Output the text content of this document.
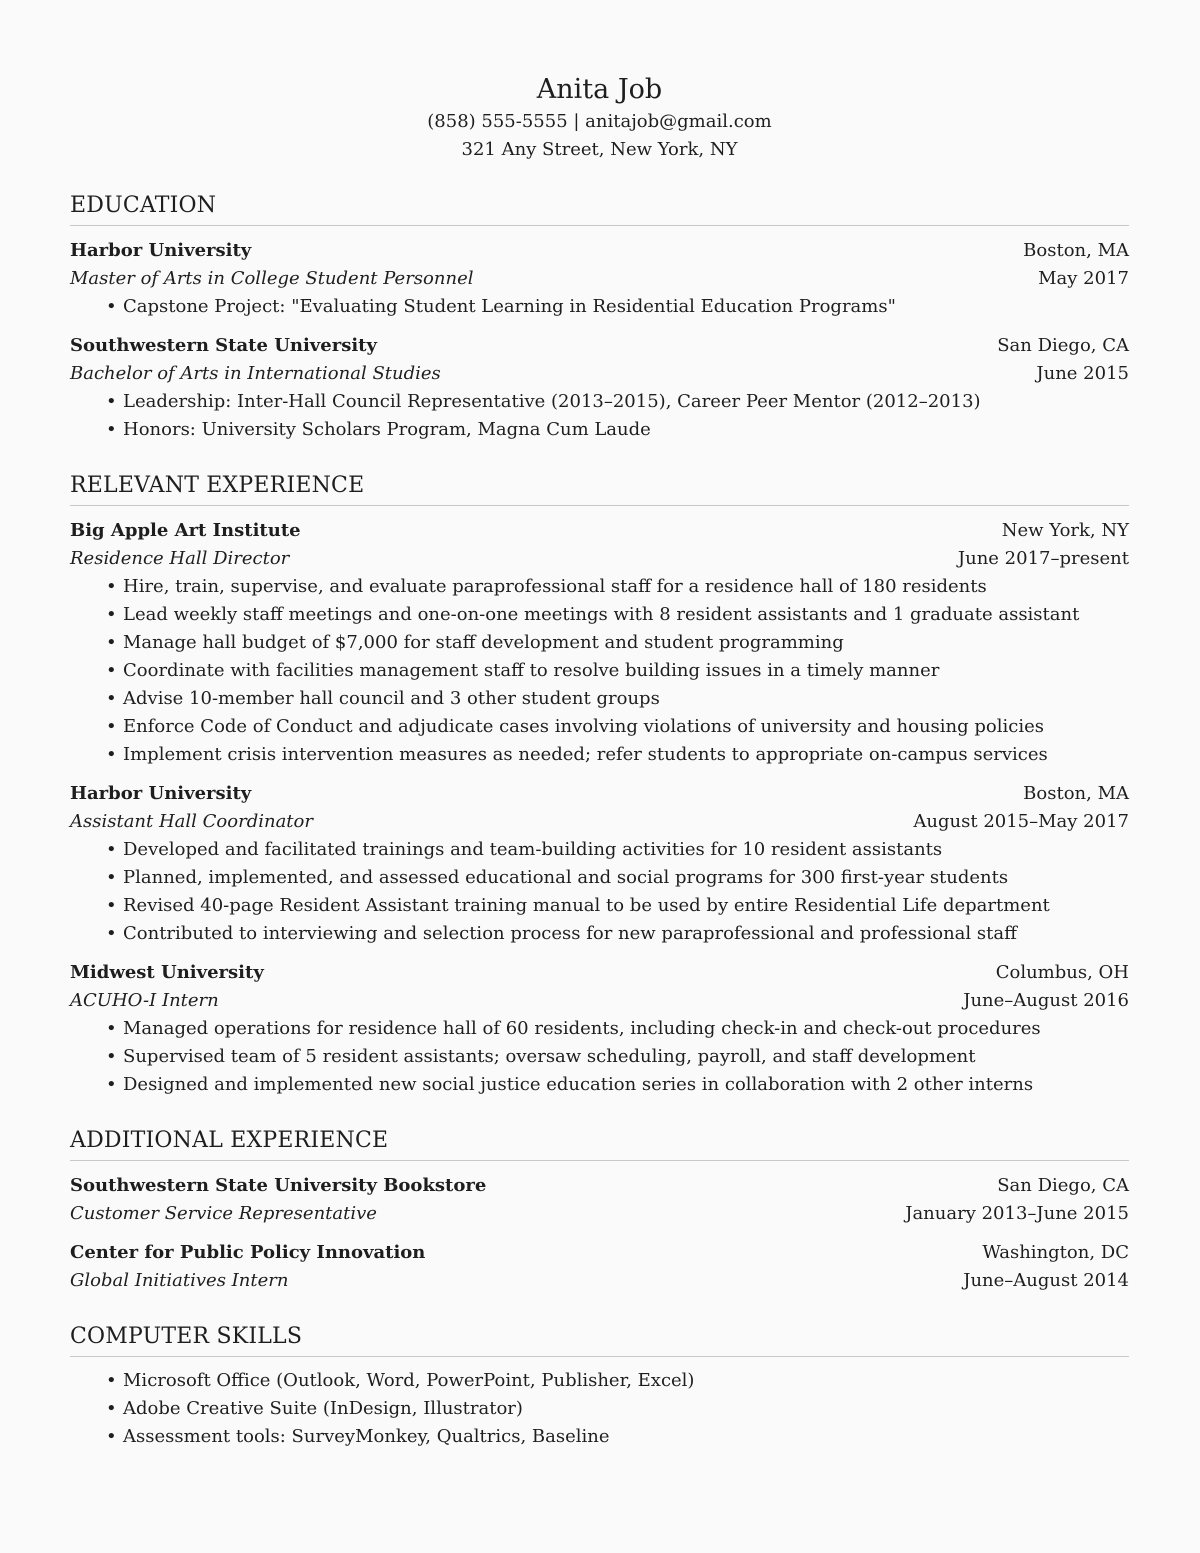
Anita Job
(858) 555-5555 | anitajob@gmail.com
321 Any Street, New York, NY
EDUCATION
Harbor University	Boston, MA
Master of Arts in College Student Personnel	May 2017
• Capstone Project: "Evaluating Student Learning in Residential Education Programs"
Southwestern State University	San Diego, CA
Bachelor of Arts in International Studies	June 2015
• Leadership: Inter-Hall Council Representative (2013–2015), Career Peer Mentor (2012–2013)
• Honors: University Scholars Program, Magna Cum Laude
RELEVANT EXPERIENCE
Big Apple Art Institute	New York, NY
Residence Hall Director	June 2017–present
• Hire, train, supervise, and evaluate paraprofessional staff for a residence hall of 180 residents
• Lead weekly staff meetings and one-on-one meetings with 8 resident assistants and 1 graduate assistant
• Manage hall budget of $7,000 for staff development and student programming
• Coordinate with facilities management staff to resolve building issues in a timely manner
• Advise 10-member hall council and 3 other student groups
• Enforce Code of Conduct and adjudicate cases involving violations of university and housing policies
• Implement crisis intervention measures as needed; refer students to appropriate on-campus services
Harbor University	Boston, MA
Assistant Hall Coordinator	August 2015–May 2017
• Developed and facilitated trainings and team-building activities for 10 resident assistants
• Planned, implemented, and assessed educational and social programs for 300 first-year students
• Revised 40-page Resident Assistant training manual to be used by entire Residential Life department
• Contributed to interviewing and selection process for new paraprofessional and professional staff
Midwest University	Columbus, OH
ACUHO-I Intern	June–August 2016
• Managed operations for residence hall of 60 residents, including check-in and check-out procedures
• Supervised team of 5 resident assistants; oversaw scheduling, payroll, and staff development
• Designed and implemented new social justice education series in collaboration with 2 other interns
ADDITIONAL EXPERIENCE
Southwestern State University Bookstore	San Diego, CA
Customer Service Representative	January 2013–June 2015
Center for Public Policy Innovation	Washington, DC
Global Initiatives Intern	June–August 2014
COMPUTER SKILLS
• Microsoft Office (Outlook, Word, PowerPoint, Publisher, Excel)
• Adobe Creative Suite (InDesign, Illustrator)
• Assessment tools: SurveyMonkey, Qualtrics, Baseline
